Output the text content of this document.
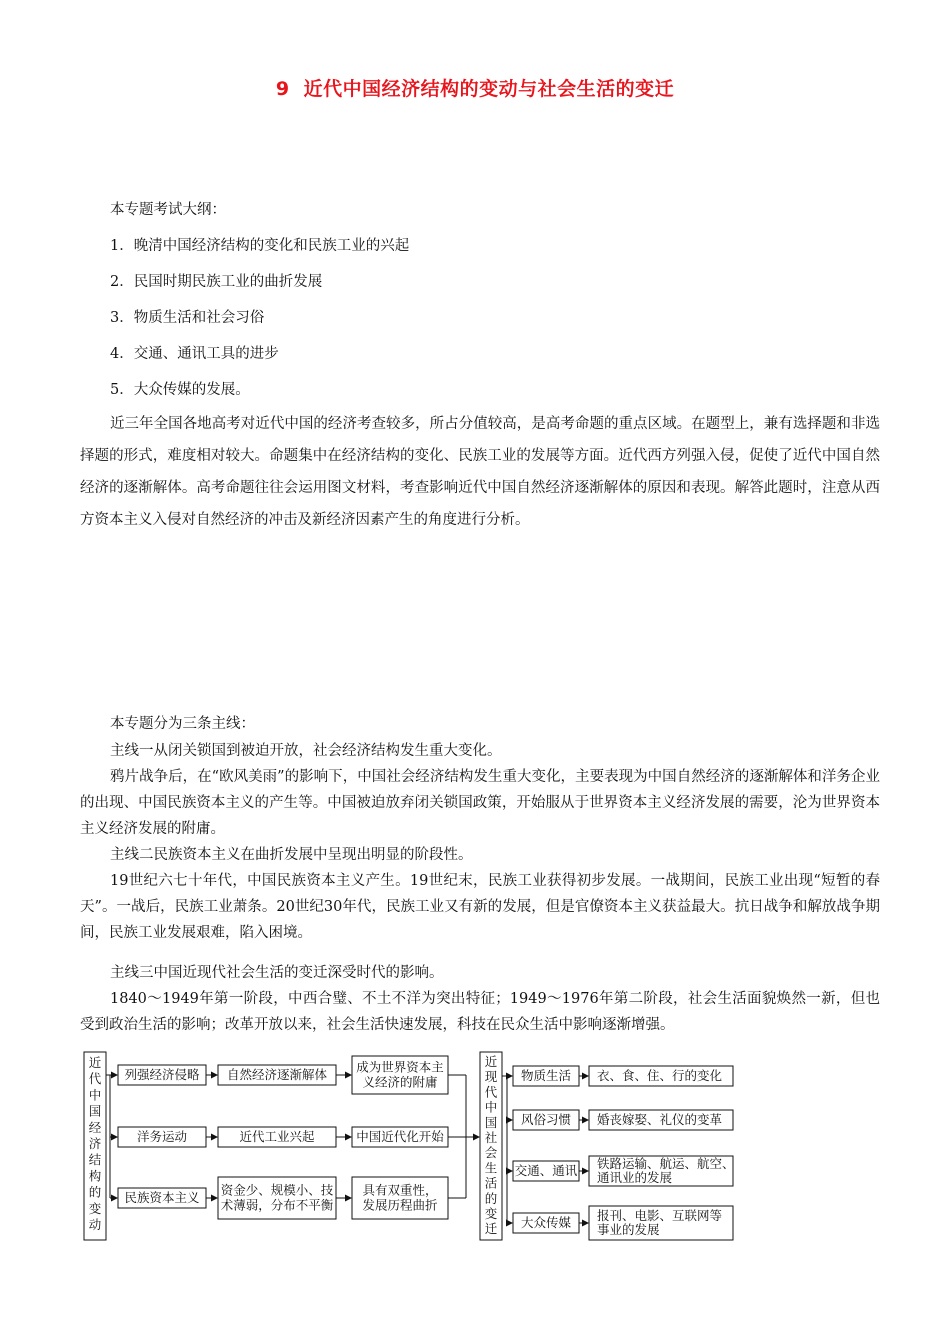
9 近代中国经济结构的变动与社会生活的变迁
本专题考试大纲：
1．晚清中国经济结构的变化和民族工业的兴起
2．民国时期民族工业的曲折发展
3．物质生活和社会习俗
4．交通、通讯工具的进步
5．大众传媒的发展。
近三年全国各地高考对近代中国的经济考查较多，所占分值较高，是高考命题的重点区域。在题型上，兼有选择题和非选择题的形式，难度相对较大。命题集中在经济结构的变化、民族工业的发展等方面。近代西方列强入侵，促使了近代中国自然经济的逐渐解体。高考命题往往会运用图文材料，考查影响近代中国自然经济逐渐解体的原因和表现。解答此题时，注意从西方资本主义入侵对自然经济的冲击及新经济因素产生的角度进行分析。
本专题分为三条主线：
主线一从闭关锁国到被迫开放，社会经济结构发生重大变化。
鸦片战争后，在“欧风美雨”的影响下，中国社会经济结构发生重大变化，主要表现为中国自然经济的逐渐解体和洋务企业的出现、中国民族资本主义的产生等。中国被迫放弃闭关锁国政策，开始服从于世界资本主义经济发展的需要，沦为世界资本主义经济发展的附庸。
主线二民族资本主义在曲折发展中呈现出明显的阶段性。
19世纪六七十年代，中国民族资本主义产生。19世纪末，民族工业获得初步发展。一战期间，民族工业出现“短暂的春天”。一战后，民族工业萧条。20世纪30年代，民族工业又有新的发展，但是官僚资本主义获益最大。抗日战争和解放战争期间，民族工业发展艰难，陷入困境。
主线三中国近现代社会生活的变迁深受时代的影响。
1840～1949年第一阶段，中西合璧、不土不洋为突出特征；1949～1976年第二阶段，社会生活面貌焕然一新，但也受到政治生活的影响；改革开放以来，社会生活快速发展，科技在民众生活中影响逐渐增强。
近
代
中
国
经
济
结
构
的
变
动
列强经济侵略 自然经济逐渐解体 成为世界资本主
义经济的附庸
洋务运动	近代工业兴起	中国近代化开始
民族资本主义 资金少、规模小、技
术薄弱，分布不平衡
具有双重性，
发展历程曲折
近
现
代
中
国
社
会
生
活
的
变
迁
物质生活 衣、食、住、行的变化
风俗习惯 婚丧嫁娶、礼仪的变革
交通、通讯 铁路运输、航运、航空、
通讯业的发展
大众传媒 报刊、电影、互联网等
事业的发展
